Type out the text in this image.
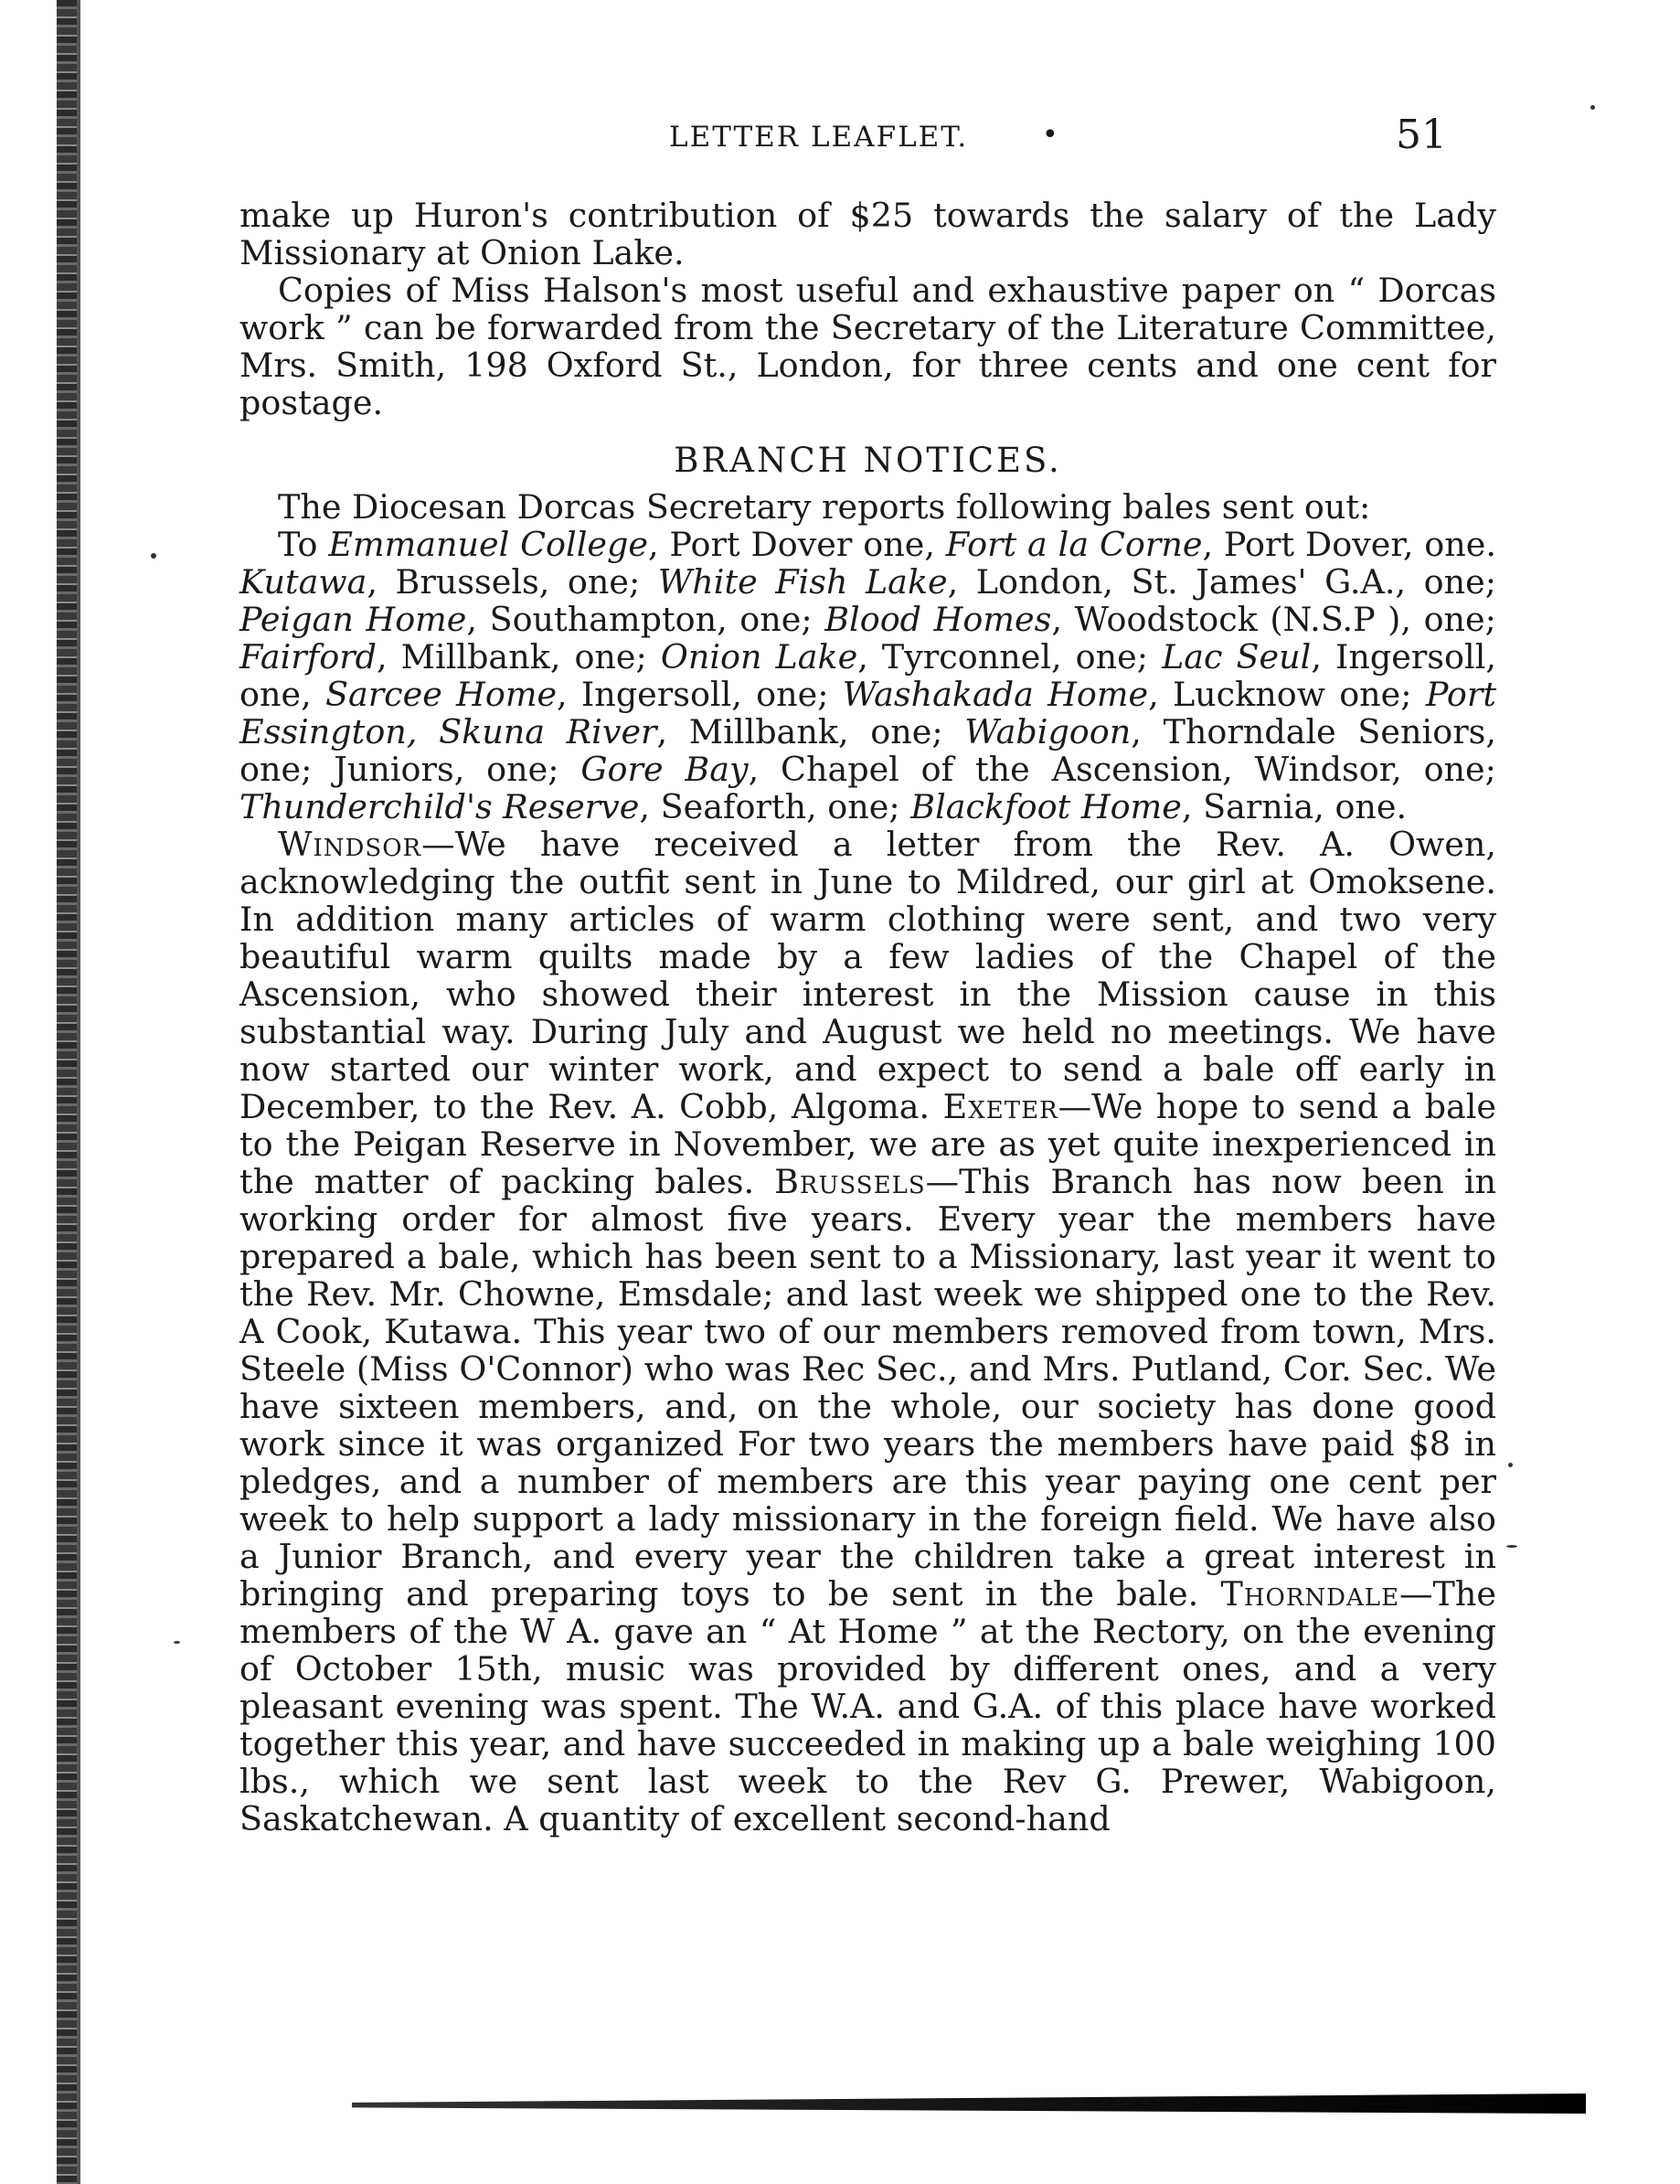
LETTER LEAFLET.	•	51

make up Huron's contribution of $25 towards the salary of the Lady Missionary at Onion Lake.

Copies of Miss Halson's most useful and exhaustive paper on “ Dorcas work ” can be forwarded from the Secretary of the Literature Committee, Mrs. Smith, 198 Oxford St., London, for three cents and one cent for postage.

BRANCH NOTICES.

The Diocesan Dorcas Secretary reports following bales sent out:

To Emmanuel College, Port Dover one, Fort a la Corne, Port Dover, one. Kutawa, Brussels, one; White Fish Lake, London, St. James' G.A., one; Peigan Home, Southampton, one; Blood Homes, Woodstock (N.S.P ), one; Fairford, Millbank, one; Onion Lake, Tyrconnel, one; Lac Seul, Ingersoll, one, Sarcee Home, Ingersoll, one; Washakada Home, Lucknow one; Port Essington, Skuna River, Millbank, one; Wabigoon, Thorndale Seniors, one; Juniors, one; Gore Bay, Chapel of the Ascension, Windsor, one; Thunderchild's Reserve, Seaforth, one; Blackfoot Home, Sarnia, one.

Windsor—We have received a letter from the Rev. A. Owen, acknowledging the outfit sent in June to Mildred, our girl at Omoksene. In addition many articles of warm clothing were sent, and two very beautiful warm quilts made by a few ladies of the Chapel of the Ascension, who showed their interest in the Mission cause in this substantial way. During July and August we held no meetings. We have now started our winter work, and expect to send a bale off early in December, to the Rev. A. Cobb, Algoma. Exeter—We hope to send a bale to the Peigan Reserve in November, we are as yet quite inexperienced in the matter of packing bales. Brussels—This Branch has now been in working order for almost five years. Every year the members have prepared a bale, which has been sent to a Missionary, last year it went to the Rev. Mr. Chowne, Emsdale; and last week we shipped one to the Rev. A Cook, Kutawa. This year two of our members removed from town, Mrs. Steele (Miss O'Connor) who was Rec Sec., and Mrs. Putland, Cor. Sec. We have sixteen members, and, on the whole, our society has done good work since it was organized For two years the members have paid $8 in pledges, and a number of members are this year paying one cent per week to help support a lady missionary in the foreign field. We have also a Junior Branch, and every year the children take a great interest in bringing and preparing toys to be sent in the bale. Thorndale—The members of the W A. gave an “ At Home ” at the Rectory, on the evening of October 15th, music was provided by different ones, and a very pleasant evening was spent. The W.A. and G.A. of this place have worked together this year, and have succeeded in making up a bale weighing 100 lbs., which we sent last week to the Rev G. Prewer, Wabigoon, Saskatchewan. A quantity of excellent second-hand
